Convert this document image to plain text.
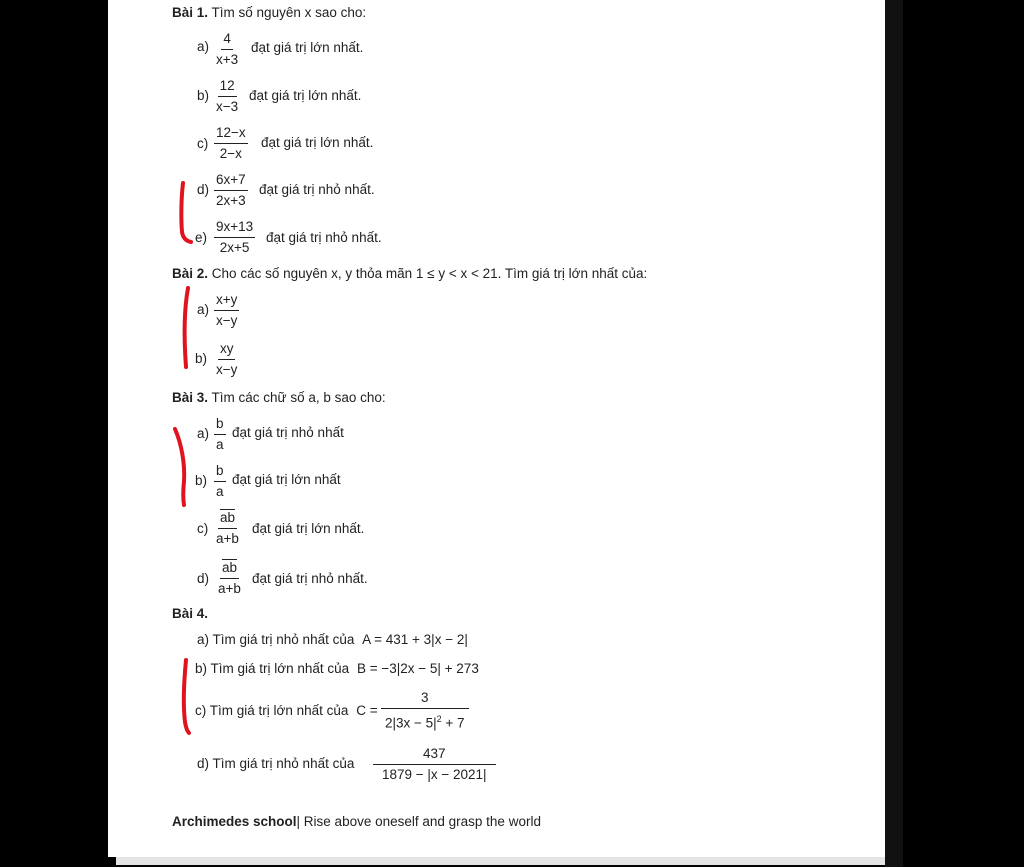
Bài 1. Tìm số nguyên x sao cho:
$a) \frac{4}{x+3}$ đạt giá trị lớn nhất.
$b) \frac{12}{x-3}$ đạt giá trị lớn nhất.
$c) \frac{12-x}{2-x}$ đạt giá trị lớn nhất.
$d) \frac{6x+7}{2x+3}$ đạt giá trị nhỏ nhất.
$e) \frac{9x+13}{2x+5}$ đạt giá trị nhỏ nhất.
Bài 2. Cho các số nguyên x, y thỏa mãn 1 ≤ y < x < 21. Tìm giá trị lớn nhất của:
$a) \frac{x+y}{x-y}$
$b) \frac{xy}{x-y}$
Bài 3. Tìm các chữ số a, b sao cho:
$a) \frac{b}{a}$ đạt giá trị nhỏ nhất
$b) \frac{b}{a}$ đạt giá trị lớn nhất
$c) \frac{\overline{ab}}{a+b}$ đạt giá trị lớn nhất.
$d) \frac{\overline{ab}}{a+b}$ đạt giá trị nhỏ nhất.
Bài 4.
a) Tìm giá trị nhỏ nhất của A = 431 + 3|x − 2|
b) Tìm giá trị lớn nhất của B = −3|2x − 5| + 273
c) Tìm giá trị lớn nhất của $C = \frac{3}{2|3x - 5|^2 + 7}$
d) Tìm giá trị nhỏ nhất của $\frac{437}{1879 - |x - 2021|}$
Archimedes school| Rise above oneself and grasp the world
